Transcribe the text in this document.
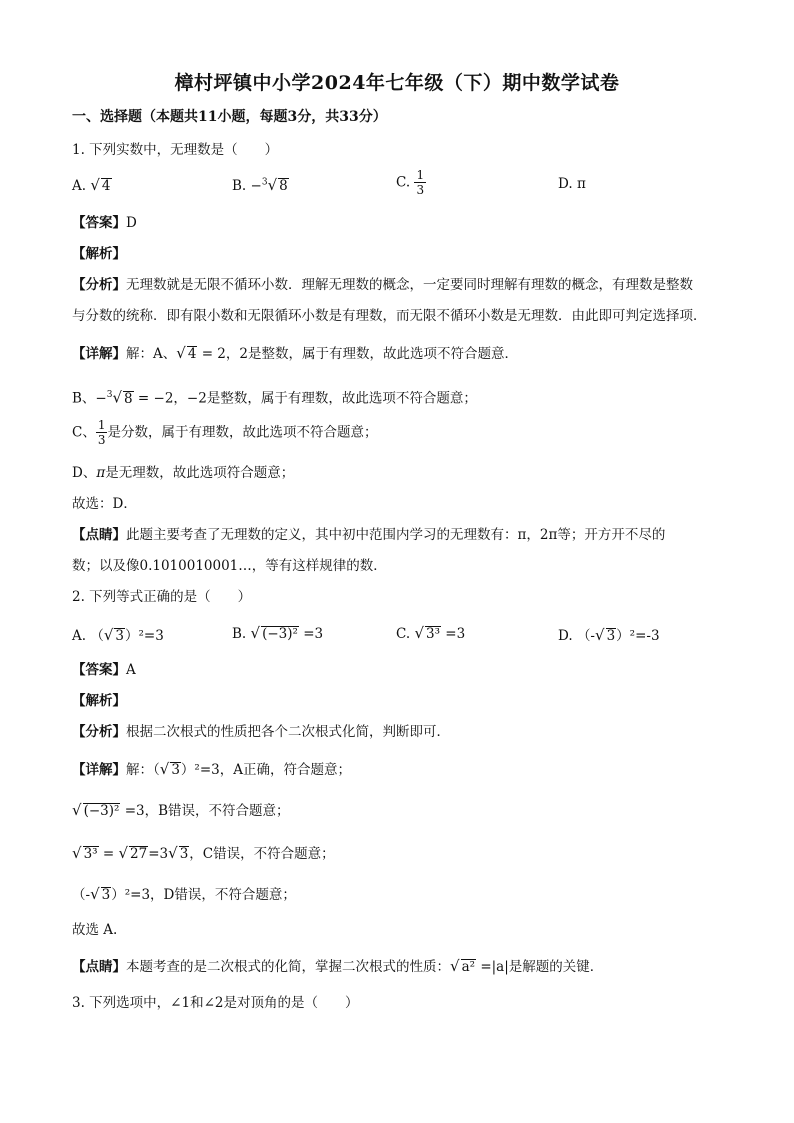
樟村坪镇中小学2024年七年级（下）期中数学试卷
一、选择题（本题共11小题，每题3分，共33分）
1. 下列实数中，无理数是（　　）
A. √ 4	B. −$^3$√ 8	C. $\frac{1}{3}$	D. π
【答案】D
【解析】
【分析】无理数就是无限不循环小数．理解无理数的概念，一定要同时理解有理数的概念，有理数是整数
与分数的统称．即有限小数和无限循环小数是有理数，而无限不循环小数是无理数．由此即可判定选择项．
【详解】解：A、√ 4 = 2，2是整数，属于有理数，故此选项不符合题意．
B、−$^3$√ 8 = −2，−2是整数，属于有理数，故此选项不符合题意；
C、 $\frac{1}{3}$ 是分数，属于有理数，故此选项不符合题意；
D、π是无理数，故此选项符合题意；
故选：D．
【点睛】此题主要考查了无理数的定义，其中初中范围内学习的无理数有：π，2π等；开方开不尽的
数；以及像0.1010010001…，等有这样规律的数．
2. 下列等式正确的是（　　）
A. （√ 3）²=3	B. √ (−3)² =3	C. √ 3³ =3	D. （-√ 3）²=-3
【答案】A
【解析】
【分析】根据二次根式的性质把各个二次根式化简，判断即可．
【详解】解：（√ 3）²=3，A正确，符合题意；
√ (−3)² =3，B错误，不符合题意；
√ 3³ = √ 27=3√ 3，C错误，不符合题意；
（-√ 3）²=3，D错误，不符合题意；
故选 A.
【点睛】本题考查的是二次根式的化简，掌握二次根式的性质：√ a² =|a|是解题的关键．
3. 下列选项中，∠1和∠2是对顶角的是（　　）
